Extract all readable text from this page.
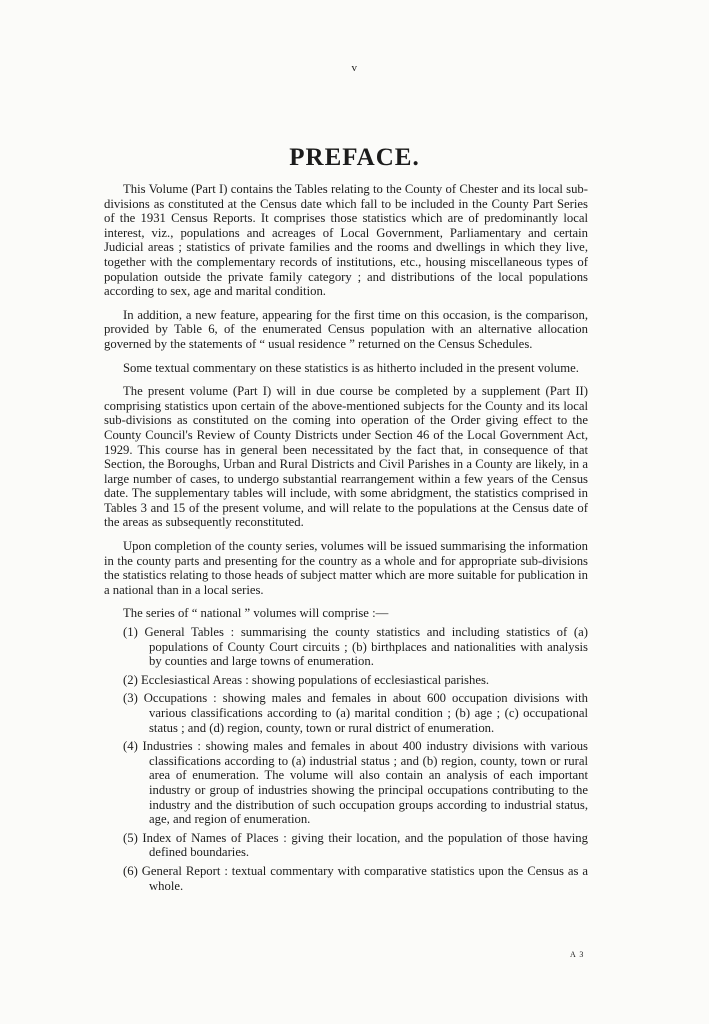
v
PREFACE.

This Volume (Part I) contains the Tables relating to the County of Chester and its local sub-divisions as constituted at the Census date which fall to be included in the County Part Series of the 1931 Census Reports. It comprises those statistics which are of predominantly local interest, viz., populations and acreages of Local Government, Parliamentary and certain Judicial areas ; statistics of private families and the rooms and dwellings in which they live, together with the complementary records of institutions, etc., housing miscellaneous types of population outside the private family category ; and distributions of the local populations according to sex, age and marital condition.

In addition, a new feature, appearing for the first time on this occasion, is the comparison, provided by Table 6, of the enumerated Census population with an alternative allocation governed by the statements of “ usual residence ” returned on the Census Schedules.

Some textual commentary on these statistics is as hitherto included in the present volume.

The present volume (Part I) will in due course be completed by a supplement (Part II) comprising statistics upon certain of the above-mentioned subjects for the County and its local sub-divisions as constituted on the coming into operation of the Order giving effect to the County Council's Review of County Districts under Section 46 of the Local Government Act, 1929. This course has in general been necessitated by the fact that, in consequence of that Section, the Boroughs, Urban and Rural Districts and Civil Parishes in a County are likely, in a large number of cases, to undergo substantial rearrangement within a few years of the Census date. The supplementary tables will include, with some abridgment, the statistics comprised in Tables 3 and 15 of the present volume, and will relate to the populations at the Census date of the areas as subsequently reconstituted.

Upon completion of the county series, volumes will be issued summarising the information in the county parts and presenting for the country as a whole and for appropriate sub-divisions the statistics relating to those heads of subject matter which are more suitable for publication in a national than in a local series.

The series of “ national ” volumes will comprise :—

(1) General Tables : summarising the county statistics and including statistics of (a) populations of County Court circuits ; (b) birthplaces and nationalities with analysis by counties and large towns of enumeration.
(2) Ecclesiastical Areas : showing populations of ecclesiastical parishes.
(3) Occupations : showing males and females in about 600 occupation divisions with various classifications according to (a) marital condition ; (b) age ; (c) occupational status ; and (d) region, county, town or rural district of enumeration.
(4) Industries : showing males and females in about 400 industry divisions with various classifications according to (a) industrial status ; and (b) region, county, town or rural area of enumeration. The volume will also contain an analysis of each important industry or group of industries showing the principal occupations contributing to the industry and the distribution of such occupation groups according to industrial status, age, and region of enumeration.
(5) Index of Names of Places : giving their location, and the population of those having defined boundaries.
(6) General Report : textual commentary with comparative statistics upon the Census as a whole.
A 3
